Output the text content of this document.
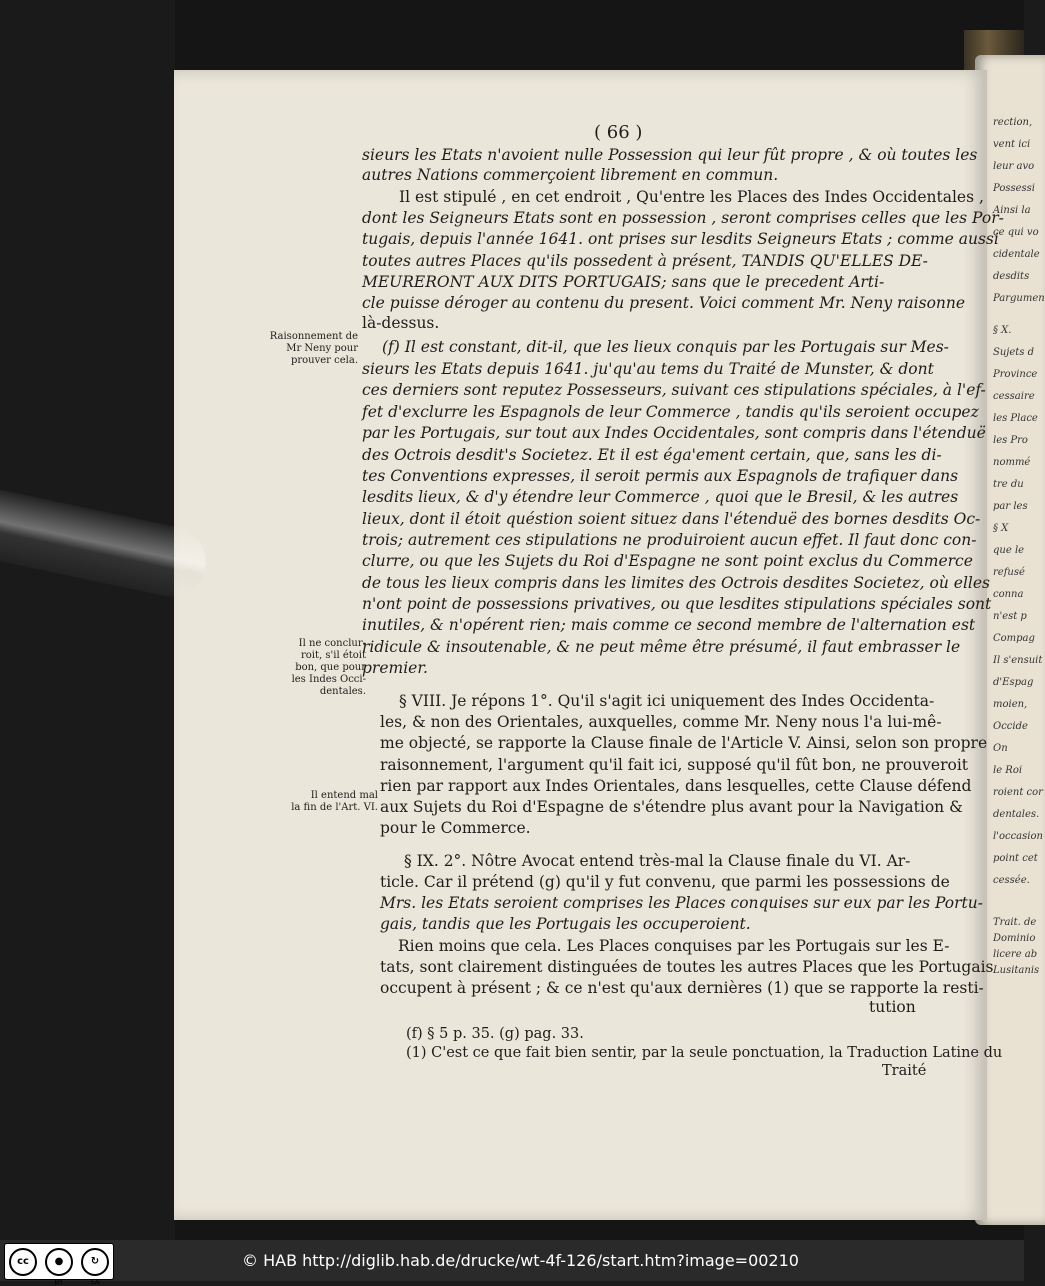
rection,
vent ici
leur avo
Possessi
Ainsi la
ce qui vo
cidentale
desdits
Pargumen
§ X.
Sujets d
Province
cessaire
les Place
les Pro
nommé
tre du
par les
§ X
que le
refusé
conna
n'est p
Compag
Il s'ensuit
d'Espag
moien,
Occide
On
le Roi
roient cor
dentales.
l'occasion
point cet
cessée.
Trait. de
Dominio
licere ab
Lusitanis
( 66 )
sieurs les Etats n'avoient nulle Possession qui leur fût propre , & où toutes les
autres Nations commerçoient librement en commun.
Il est stipulé , en cet endroit , Qu'entre les Places des Indes Occidentales ,
dont les Seigneurs Etats sont en possession , seront comprises celles que les Por-
tugais, depuis l'année 1641. ont prises sur lesdits Seigneurs Etats ; comme aussi
toutes autres Places qu'ils possedent à présent, TANDIS QU'ELLES DE-
MEURERONT AUX DITS PORTUGAIS; sans que le precedent Arti-
cle puisse déroger au contenu du present. Voici comment Mr. Neny raisonne
là-dessus.
(f) Il est constant, dit-il, que les lieux conquis par les Portugais sur Mes-
sieurs les Etats depuis 1641. ju'qu'au tems du Traité de Munster, & dont
ces derniers sont reputez Possesseurs, suivant ces stipulations spéciales, à l'ef-
fet d'exclurre les Espagnols de leur Commerce , tandis qu'ils seroient occupez
par les Portugais, sur tout aux Indes Occidentales, sont compris dans l'étenduë
des Octrois desdit's Societez. Et il est éga'ement certain, que, sans les di-
tes Conventions expresses, il seroit permis aux Espagnols de trafiquer dans
lesdits lieux, & d'y étendre leur Commerce , quoi que le Bresil, & les autres
lieux, dont il étoit quéstion soient situez dans l'étenduë des bornes desdits Oc-
trois; autrement ces stipulations ne produiroient aucun effet. Il faut donc con-
clurre, ou que les Sujets du Roi d'Espagne ne sont point exclus du Commerce
de tous les lieux compris dans les limites des Octrois desdites Societez, où elles
n'ont point de possessions privatives, ou que lesdites stipulations spéciales sont
inutiles, & n'opérent rien; mais comme ce second membre de l'alternation est
ridicule & insoutenable, & ne peut même être présumé, il faut embrasser le
premier.
§ VIII. Je répons 1°. Qu'il s'agit ici uniquement des Indes Occidenta-
les, & non des Orientales, auxquelles, comme Mr. Neny nous l'a lui-mê-
me objecté, se rapporte la Clause finale de l'Article V. Ainsi, selon son propre
raisonnement, l'argument qu'il fait ici, supposé qu'il fût bon, ne prouveroit
rien par rapport aux Indes Orientales, dans lesquelles, cette Clause défend
aux Sujets du Roi d'Espagne de s'étendre plus avant pour la Navigation &
pour le Commerce.
§ IX. 2°. Nôtre Avocat entend très-mal la Clause finale du VI. Ar-
ticle. Car il prétend (g) qu'il y fut convenu, que parmi les possessions de
Mrs. les Etats seroient comprises les Places conquises sur eux par les Portu-
gais, tandis que les Portugais les occuperoient.
Rien moins que cela. Les Places conquises par les Portugais sur les E-
tats, sont clairement distinguées de toutes les autres Places que les Portugais
occupent à présent ; & ce n'est qu'aux dernières (1) que se rapporte la resti-
tution
(f) § 5 p. 35. (g) pag. 33.
(1) C'est ce que fait bien sentir, par la seule ponctuation, la Traduction Latine du
Traité
Raisonnement de
Mr Neny pour
prouver cela.
Il ne conclur-
roit, s'il étoit
bon, que pour
les Indes Occi-
dentales.
Il entend mal
la fin de l'Art. VI.
cc	●
BY
↻
SA
© HAB http://diglib.hab.de/drucke/wt-4f-126/start.htm?image=00210
